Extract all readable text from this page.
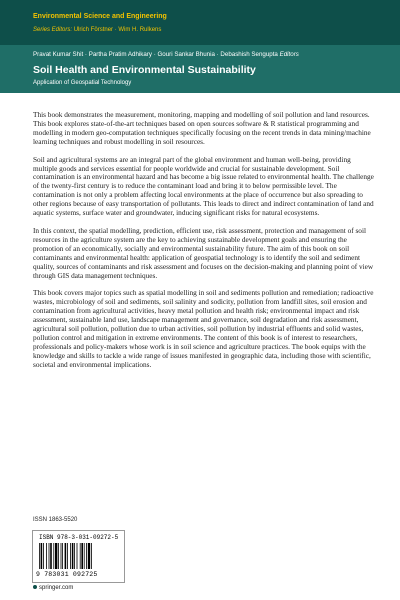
Environmental Science and Engineering
Series Editors: Ulrich Förstner · Wim H. Rulkens
Pravat Kumar Shit · Partha Pratim Adhikary · Gouri Sankar Bhunia · Debashish Sengupta Editors
Soil Health and Environmental Sustainability
Application of Geospatial Technology

This book demonstrates the measurement, monitoring, mapping and modelling of soil pollution and land resources. This book explores state-of-the-art techniques based on open sources software & R statistical programming and modelling in modern geo-computation techniques specifically focusing on the recent trends in data mining/machine learning techniques and robust modelling in soil resources.

Soil and agricultural systems are an integral part of the global environment and human well-being, providing multiple goods and services essential for people worldwide and crucial for sustainable development. Soil contamination is an environmental hazard and has become a big issue related to environmental health. The challenge of the twenty-first century is to reduce the contaminant load and bring it to below permissible level. The contamination is not only a problem affecting local environments at the place of occurrence but also spreading to other regions because of easy transportation of pollutants. This leads to direct and indirect contamination of land and aquatic systems, surface water and groundwater, inducing significant risks for natural ecosystems.

In this context, the spatial modelling, prediction, efficient use, risk assessment, protection and management of soil resources in the agriculture system are the key to achieving sustainable development goals and ensuring the promotion of an economically, socially and environmental sustainability future. The aim of this book on soil contaminants and environmental health: application of geospatial technology is to identify the soil and sediment quality, sources of contaminants and risk assessment and focuses on the decision-making and planning point of view through GIS data management techniques.

This book covers major topics such as spatial modelling in soil and sediments pollution and remediation; radioactive wastes, microbiology of soil and sediments, soil salinity and sodicity, pollution from landfill sites, soil erosion and contamination from agricultural activities, heavy metal pollution and health risk; environmental impact and risk assessment, sustainable land use, landscape management and governance, soil degradation and risk assessment, agricultural soil pollution, pollution due to urban activities, soil pollution by industrial effluents and solid wastes, pollution control and mitigation in extreme environments. The content of this book is of interest to researchers, professionals and policy-makers whose work is in soil science and agriculture practices. The book equips with the knowledge and skills to tackle a wide range of issues manifested in geographic data, including those with scientific, societal and environmental implications.

ISSN 1863-5520
ISBN 978-3-031-09272-5
9 783031 092725
springer.com
